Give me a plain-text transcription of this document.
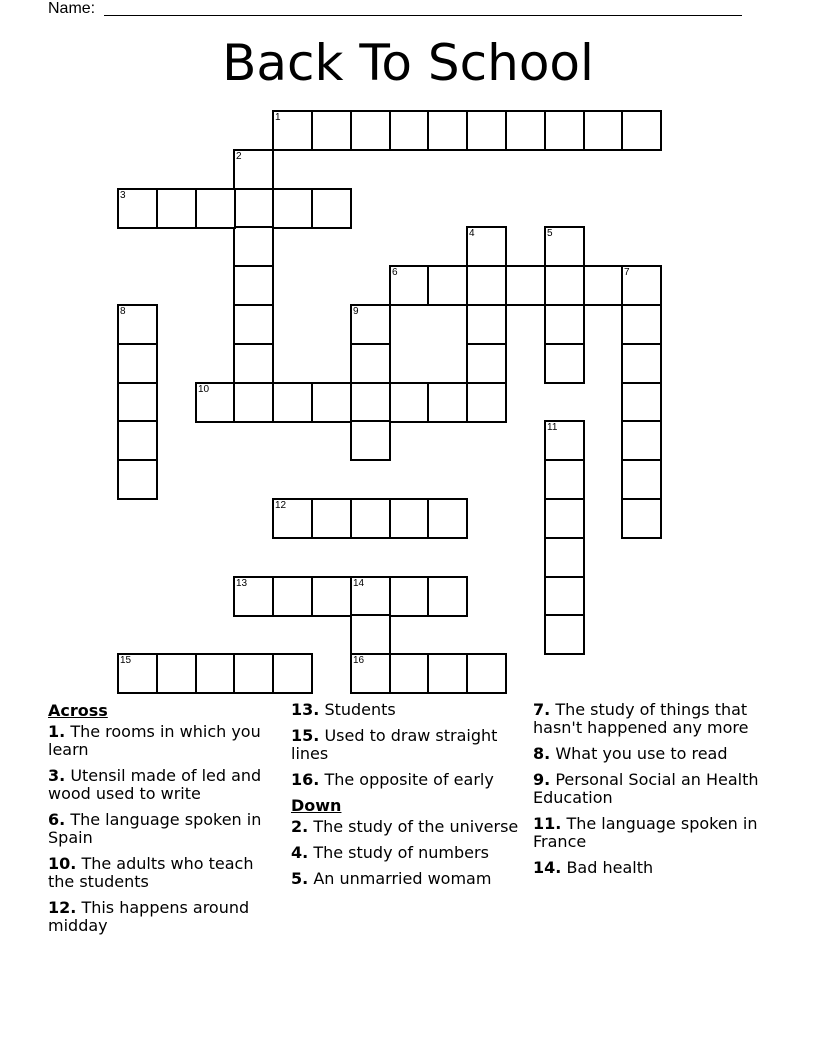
Name:
Back To School
1
2
3
4	5
6	7
8	9
10
11
12
13	14
16
15
Across
1. The rooms in which you learn
3. Utensil made of led and wood used to write
6. The language spoken in Spain
10. The adults who teach the students
12. This happens around midday
13. Students
15. Used to draw straight lines
16. The opposite of early
Down
2. The study of the universe
4. The study of numbers
5. An unmarried womam
7. The study of things that hasn't happened any more
8. What you use to read
9. Personal Social an Health Education
11. The language spoken in France
14. Bad health
